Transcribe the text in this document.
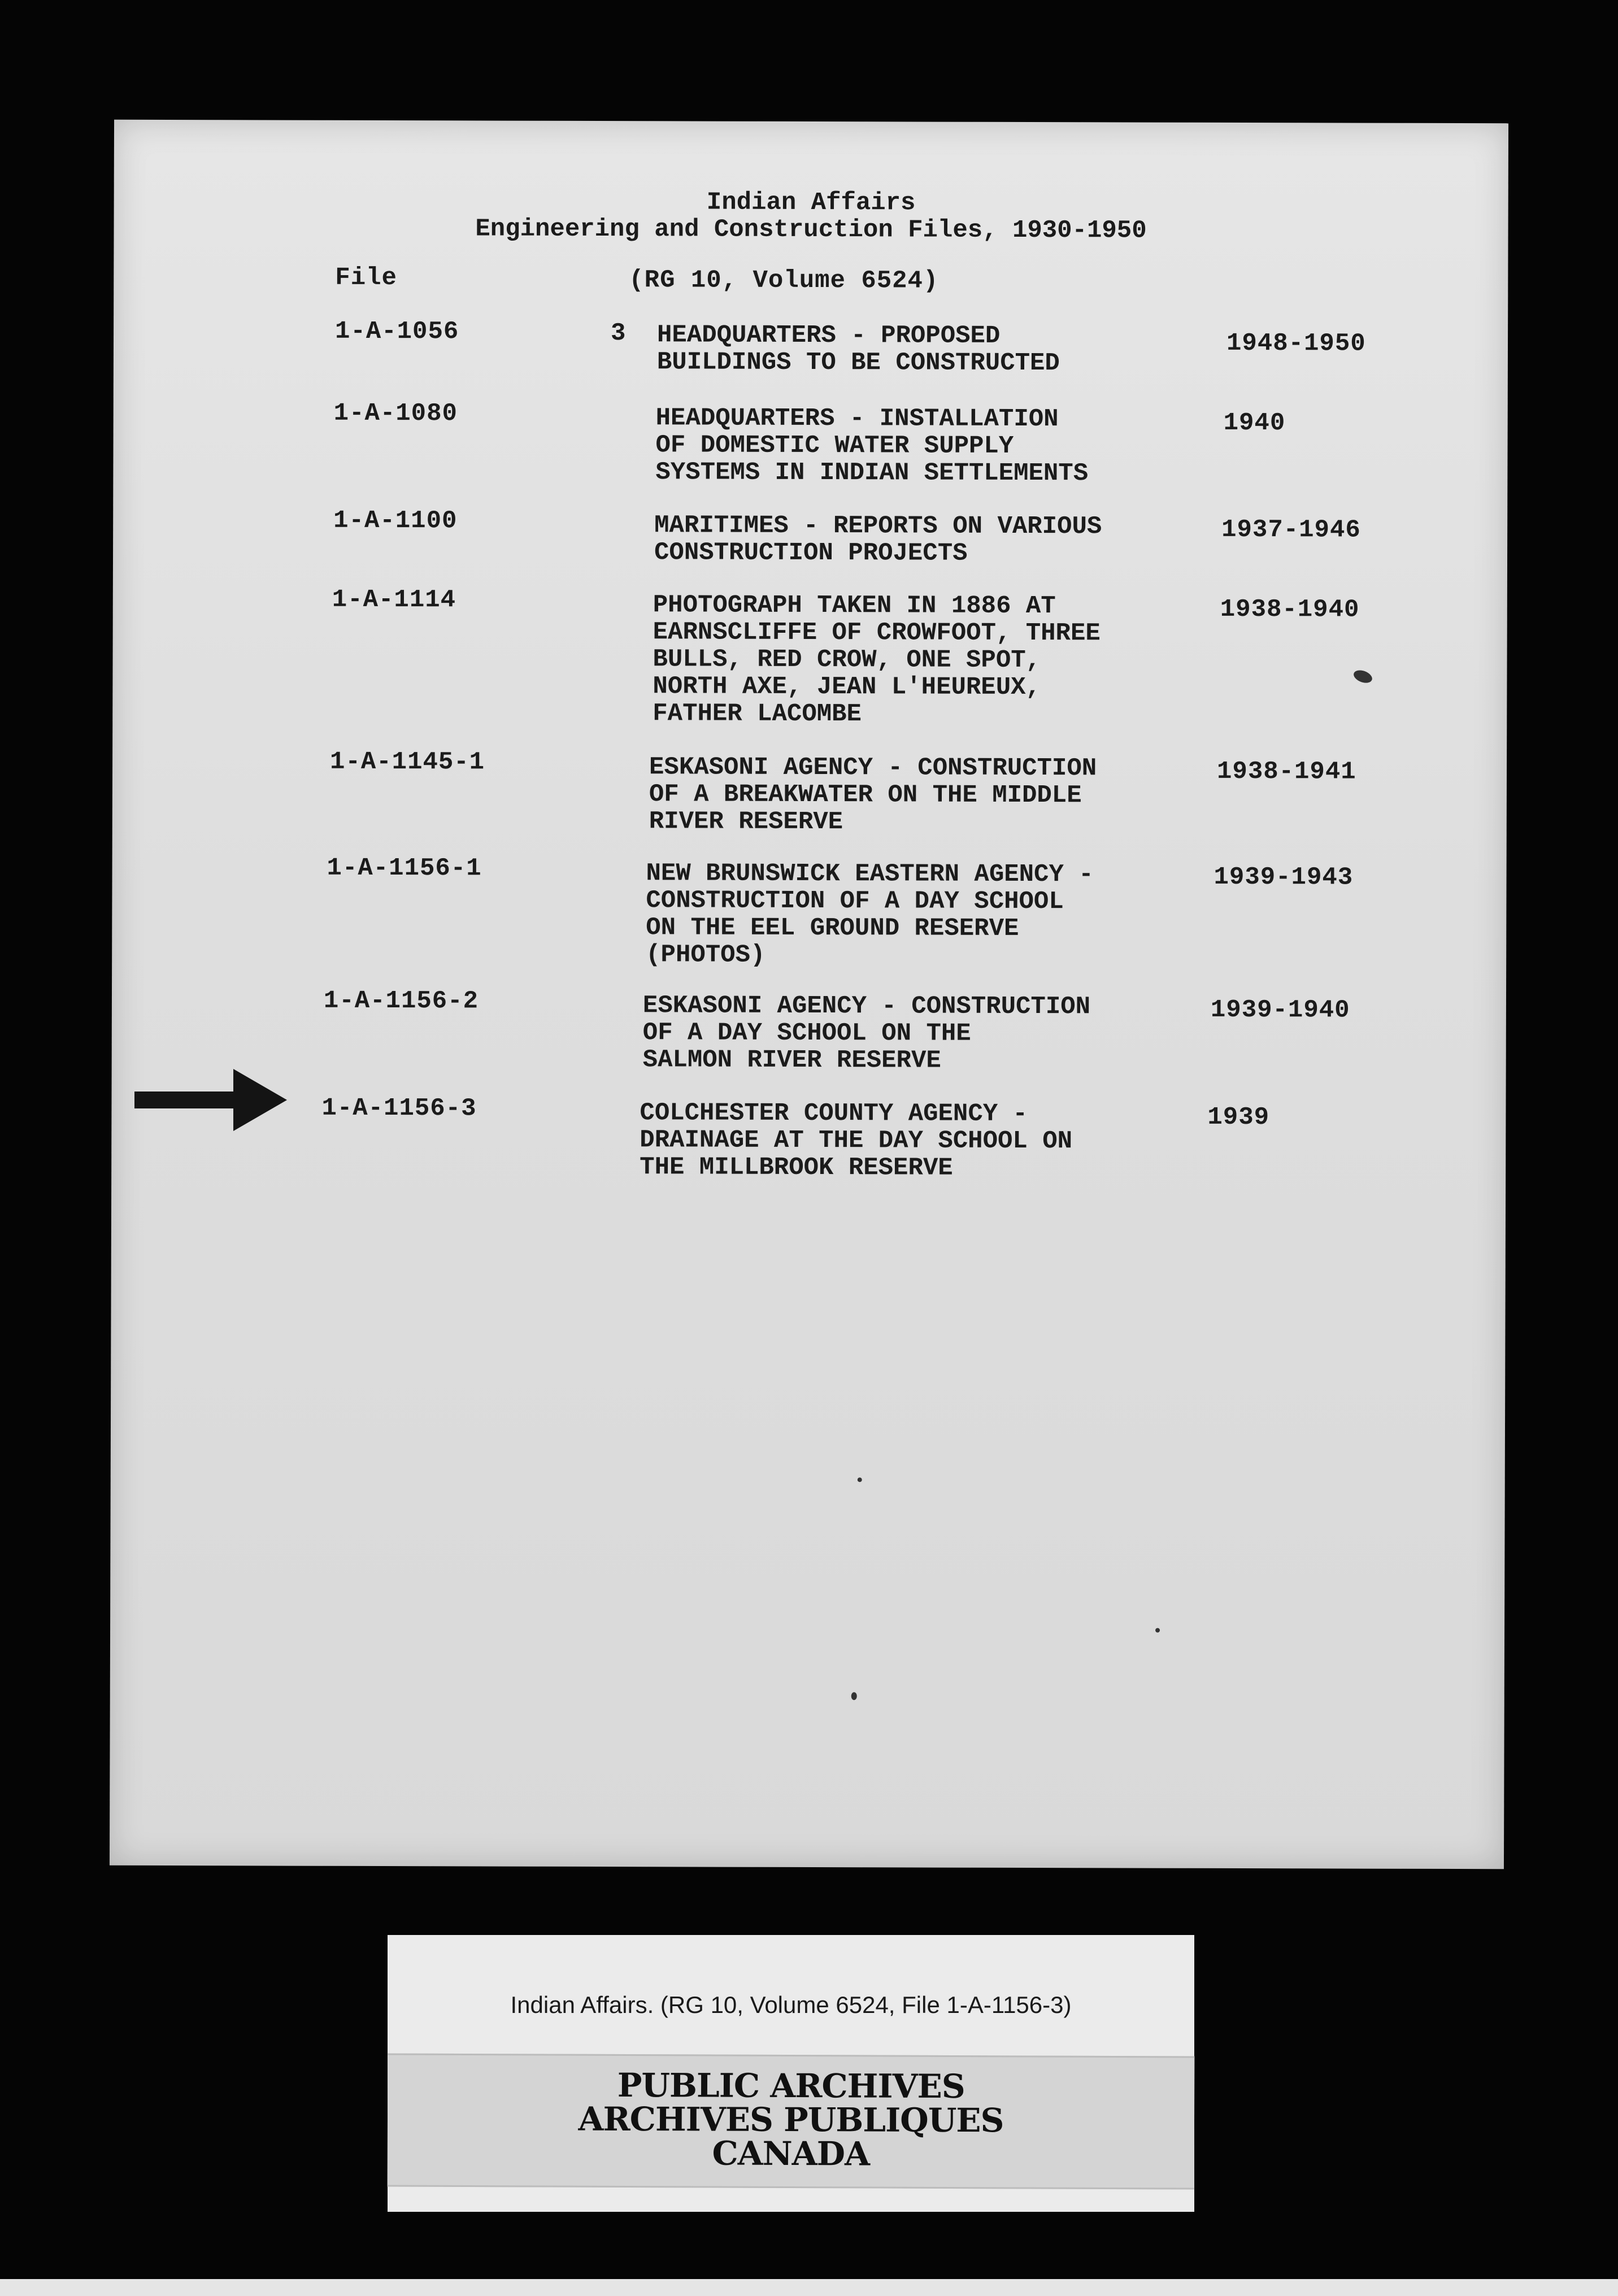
Indian Affairs
Engineering and Construction Files, 1930-1950
File	(RG 10, Volume 6524)
1-A-1056	3 HEADQUARTERS - PROPOSED
BUILDINGS TO BE CONSTRUCTED
1948-1950
1-A-1080	HEADQUARTERS - INSTALLATION
OF DOMESTIC WATER SUPPLY
SYSTEMS IN INDIAN SETTLEMENTS
1940
1-A-1100	MARITIMES - REPORTS ON VARIOUS
CONSTRUCTION PROJECTS
1937-1946
1-A-1114	PHOTOGRAPH TAKEN IN 1886 AT
EARNSCLIFFE OF CROWFOOT, THREE
BULLS, RED CROW, ONE SPOT,
NORTH AXE, JEAN L'HEUREUX,
FATHER LACOMBE
1938-1940
1-A-1145-1	ESKASONI AGENCY - CONSTRUCTION
OF A BREAKWATER ON THE MIDDLE
RIVER RESERVE
1938-1941
1-A-1156-1	NEW BRUNSWICK EASTERN AGENCY -
CONSTRUCTION OF A DAY SCHOOL
ON THE EEL GROUND RESERVE
(PHOTOS)
1939-1943
1-A-1156-2	ESKASONI AGENCY - CONSTRUCTION
OF A DAY SCHOOL ON THE
SALMON RIVER RESERVE
1939-1940
1-A-1156-3	COLCHESTER COUNTY AGENCY -
DRAINAGE AT THE DAY SCHOOL ON
THE MILLBROOK RESERVE
1939
Indian Affairs. (RG 10, Volume 6524, File 1-A-1156-3)
PUBLIC ARCHIVES
ARCHIVES PUBLIQUES
CANADA
